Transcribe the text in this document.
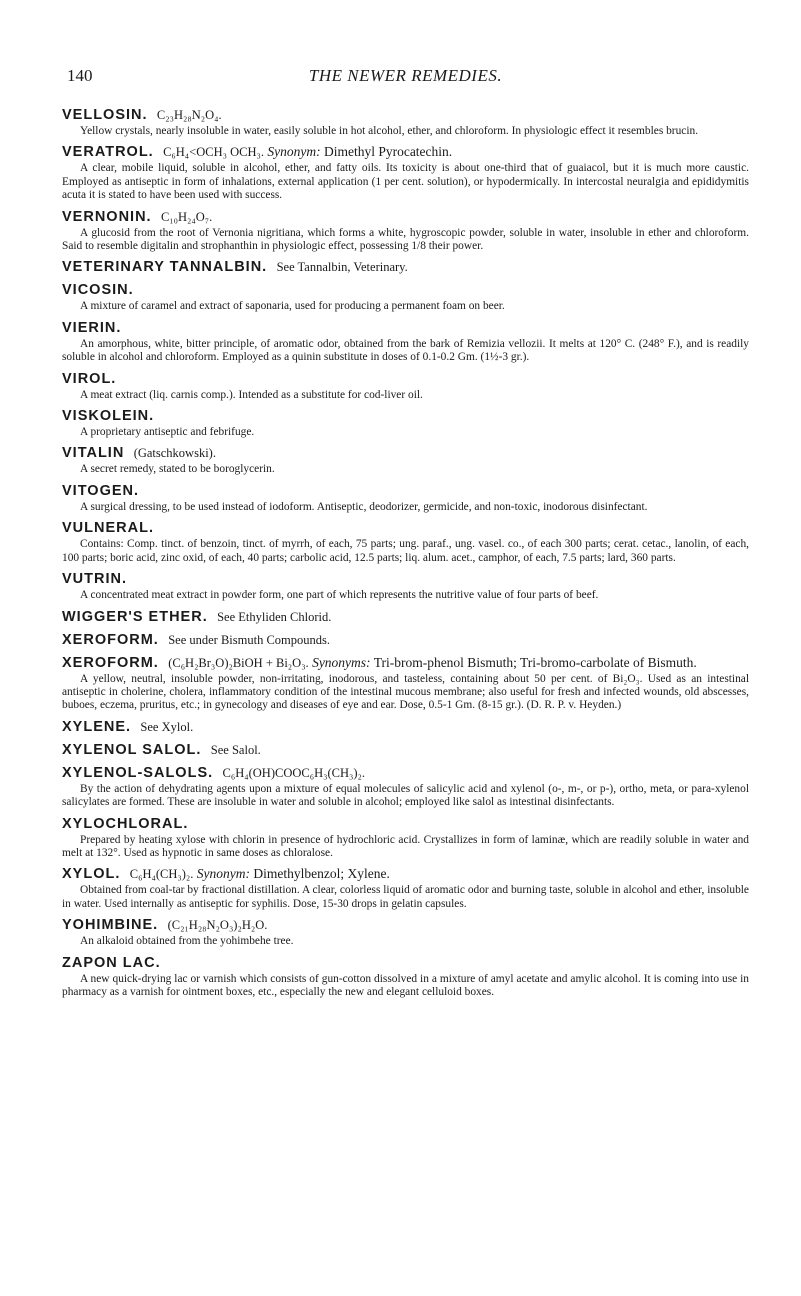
140	THE NEWER REMEDIES.
VELLOSIN. C₂₃H₂₈N₂O₄.

Yellow crystals, nearly insoluble in water, easily soluble in hot alcohol, ether, and chloroform. In physiologic effect it resembles brucin.

VERATROL. C₆H₄<OCH₃ OCH₃. Synonym: Dimethyl Pyrocatechin.

A clear, mobile liquid, soluble in alcohol, ether, and fatty oils. Its toxicity is about one-third that of guaiacol, but it is much more caustic. Employed as antiseptic in form of inhalations, external application (1 per cent. solution), or hypodermically. In intercostal neuralgia and epididymitis acuta it is stated to have been used with success.

VERNONIN. C₁₀H₂₄O₇.

A glucosid from the root of Vernonia nigritiana, which forms a white, hygroscopic powder, soluble in water, insoluble in ether and chloroform. Said to resemble digitalin and strophanthin in physiologic effect, possessing 1/8 their power.

VETERINARY TANNALBIN. See Tannalbin, Veterinary.
VICOSIN.

A mixture of caramel and extract of saponaria, used for producing a permanent foam on beer.

VIERIN.

An amorphous, white, bitter principle, of aromatic odor, obtained from the bark of Remizia vellozii. It melts at 120° C. (248° F.), and is readily soluble in alcohol and chloroform. Employed as a quinin substitute in doses of 0.1-0.2 Gm. (1½-3 gr.).

VIROL.

A meat extract (liq. carnis comp.). Intended as a substitute for cod-liver oil.

VISKOLEIN.

A proprietary antiseptic and febrifuge.

VITALIN (Gatschkowski).

A secret remedy, stated to be boroglycerin.

VITOGEN.

A surgical dressing, to be used instead of iodoform. Antiseptic, deodorizer, germicide, and non-toxic, inodorous disinfectant.

VULNERAL.

Contains: Comp. tinct. of benzoin, tinct. of myrrh, of each, 75 parts; ung. paraf., ung. vasel. co., of each 300 parts; cerat. cetac., lanolin, of each, 100 parts; boric acid, zinc oxid, of each, 40 parts; carbolic acid, 12.5 parts; liq. alum. acet., camphor, of each, 7.5 parts; lard, 360 parts.

VUTRIN.

A concentrated meat extract in powder form, one part of which represents the nutritive value of four parts of beef.

WIGGER'S ETHER. See Ethyliden Chlorid.
XEROFORM. See under Bismuth Compounds.
XEROFORM. (C₆H₂Br₃O)₂BiOH + Bi₂O₃. Synonyms: Tri-brom-phenol Bismuth; Tri-bromo-carbolate of Bismuth.

A yellow, neutral, insoluble powder, non-irritating, inodorous, and tasteless, containing about 50 per cent. of Bi₂O₃. Used as an intestinal antiseptic in cholerine, cholera, inflammatory condition of the intestinal mucous membrane; also useful for fresh and infected wounds, old abscesses, buboes, eczema, pruritus, etc.; in gynecology and diseases of eye and ear. Dose, 0.5-1 Gm. (8-15 gr.). (D. R. P. v. Heyden.)

XYLENE. See Xylol.
XYLENOL SALOL. See Salol.
XYLENOL-SALOLS. C₆H₄(OH)COOC₆H₃(CH₃)₂.

By the action of dehydrating agents upon a mixture of equal molecules of salicylic acid and xylenol (o-, m-, or p-), ortho, meta, or para-xylenol salicylates are formed. These are insoluble in water and soluble in alcohol; employed like salol as intestinal disinfectants.

XYLOCHLORAL.

Prepared by heating xylose with chlorin in presence of hydrochloric acid. Crystallizes in form of laminæ, which are readily soluble in water and melt at 132°. Used as hypnotic in same doses as chloralose.

XYLOL. C₆H₄(CH₃)₂. Synonym: Dimethylbenzol; Xylene.

Obtained from coal-tar by fractional distillation. A clear, colorless liquid of aromatic odor and burning taste, soluble in alcohol and ether, insoluble in water. Used internally as antiseptic for syphilis. Dose, 15-30 drops in gelatin capsules.

YOHIMBINE. (C₂₁H₂₈N₂O₃)₂H₂O.

An alkaloid obtained from the yohimbehe tree.

ZAPON LAC.

A new quick-drying lac or varnish which consists of gun-cotton dissolved in a mixture of amyl acetate and amylic alcohol. It is coming into use in pharmacy as a varnish for ointment boxes, etc., especially the new and elegant celluloid boxes.
